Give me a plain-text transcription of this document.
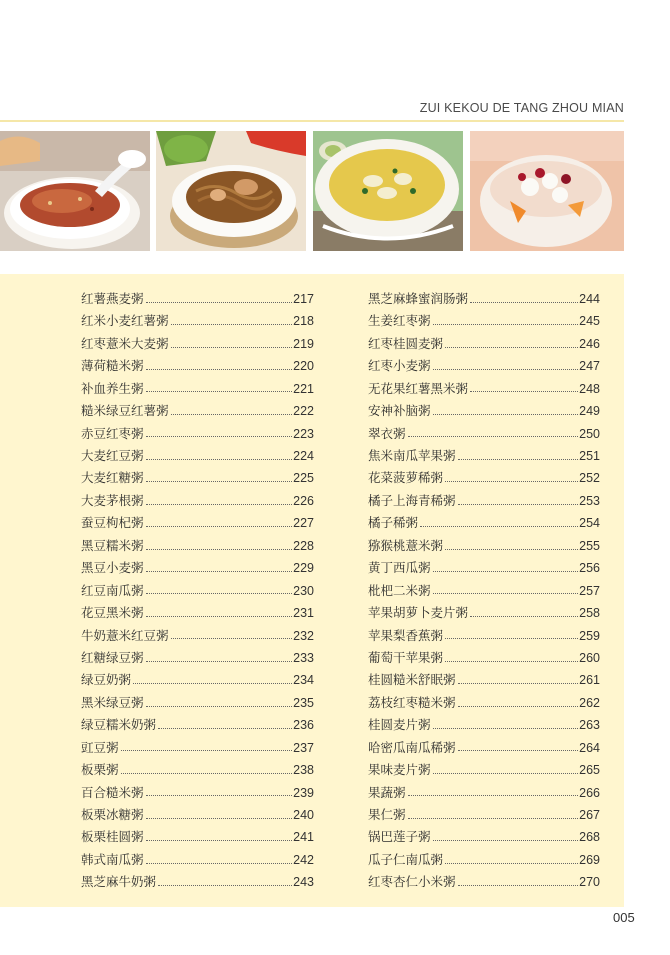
ZUI KEKOU DE TANG ZHOU MIAN
红薯燕麦粥	217
红米小麦红薯粥	218
红枣薏米大麦粥	219
薄荷糙米粥	220
补血养生粥	221
糙米绿豆红薯粥	222
赤豆红枣粥	223
大麦红豆粥	224
大麦红糖粥	225
大麦茅根粥	226
蚕豆枸杞粥	227
黑豆糯米粥	228
黑豆小麦粥	229
红豆南瓜粥	230
花豆黑米粥	231
牛奶薏米红豆粥	232
红糖绿豆粥	233
绿豆奶粥	234
黑米绿豆粥	235
绿豆糯米奶粥	236
豇豆粥	237
板栗粥	238
百合糙米粥	239
板栗冰糖粥	240
板栗桂圆粥	241
韩式南瓜粥	242
黑芝麻牛奶粥	243
黑芝麻蜂蜜润肠粥	244
生姜红枣粥	245
红枣桂圆麦粥	246
红枣小麦粥	247
无花果红薯黑米粥	248
安神补脑粥	249
翠衣粥	250
焦米南瓜苹果粥	251
花菜菠萝稀粥	252
橘子上海青稀粥	253
橘子稀粥	254
猕猴桃薏米粥	255
黄丁西瓜粥	256
枇杷二米粥	257
苹果胡萝卜麦片粥	258
苹果梨香蕉粥	259
葡萄干苹果粥	260
桂圆糙米舒眠粥	261
荔枝红枣糙米粥	262
桂圆麦片粥	263
哈密瓜南瓜稀粥	264
果味麦片粥	265
果蔬粥	266
果仁粥	267
锅巴莲子粥	268
瓜子仁南瓜粥	269
红枣杏仁小米粥	270
005
